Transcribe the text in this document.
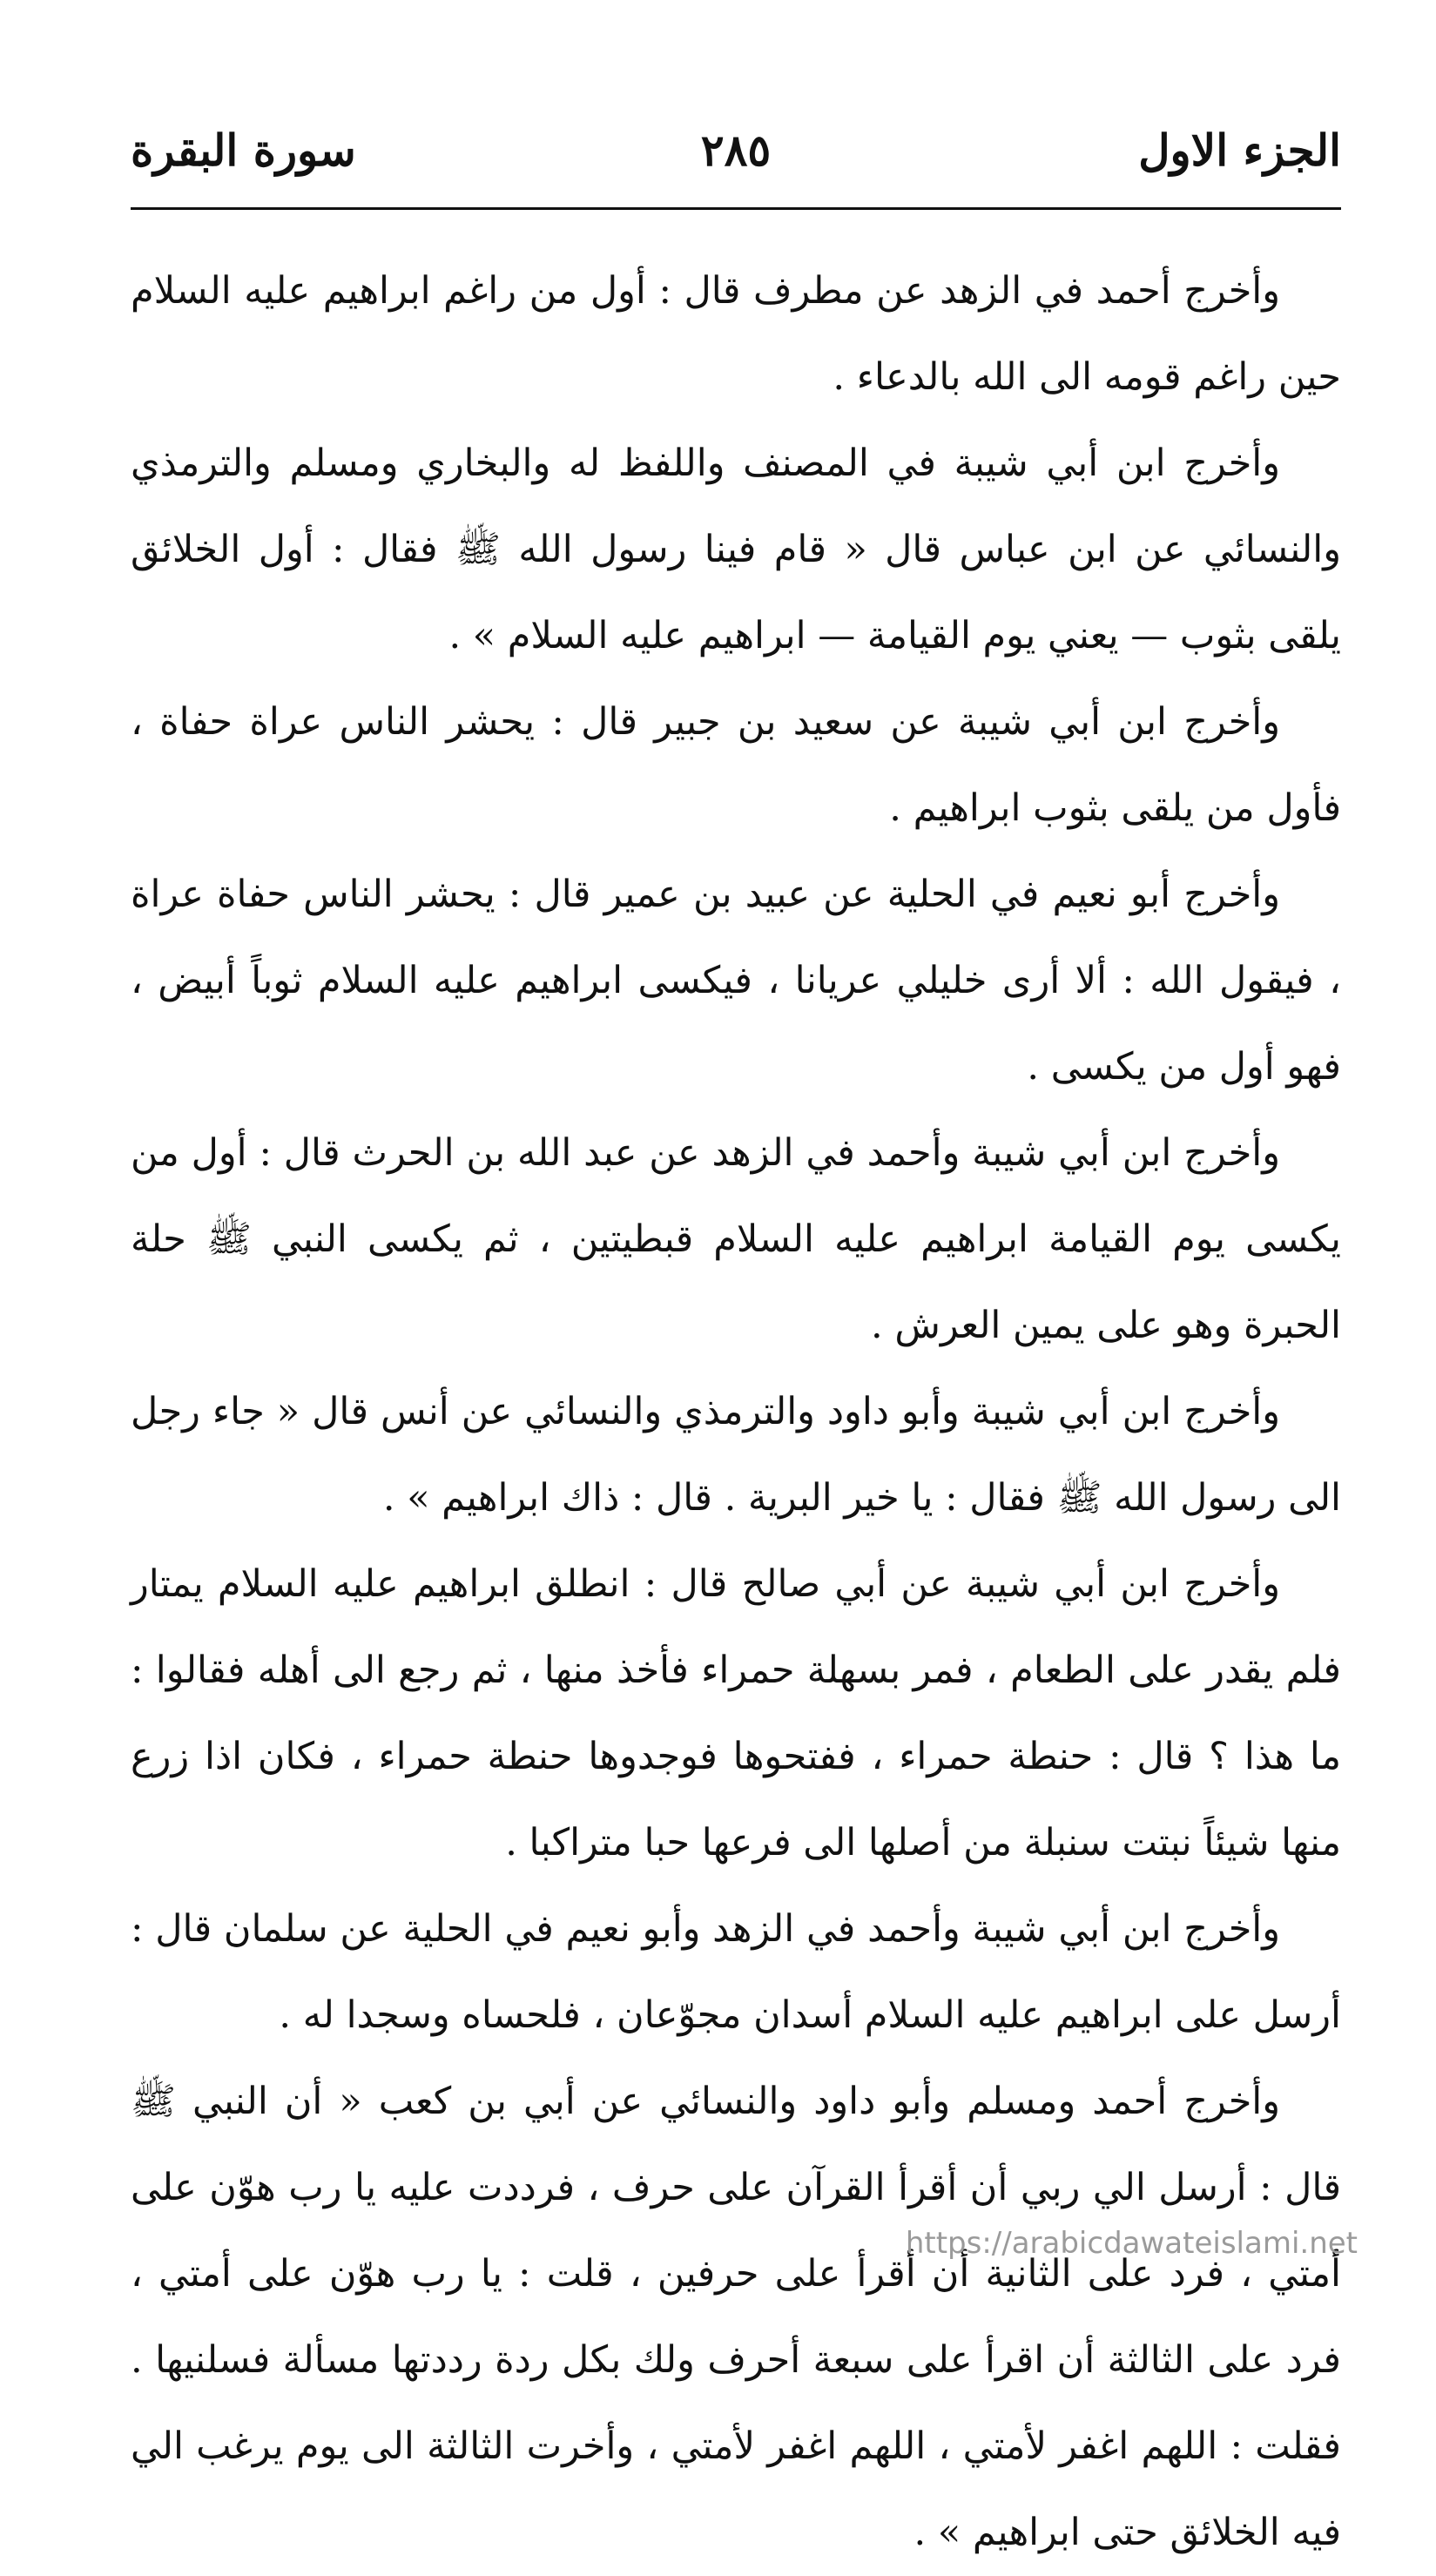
الجزء الاول
٢٨٥
سورة البقرة

وأخرج أحمد في الزهد عن مطرف قال : أول من راغم ابراهيم عليه السلام حين راغم قومه الى الله بالدعاء .

وأخرج ابن أبي شيبة في المصنف واللفظ له والبخاري ومسلم والترمذي والنسائي عن ابن عباس قال « قام فينا رسول الله ﷺ فقال : أول الخلائق يلقى بثوب — يعني يوم القيامة — ابراهيم عليه السلام » .

وأخرج ابن أبي شيبة عن سعيد بن جبير قال : يحشر الناس عراة حفاة ، فأول من يلقى بثوب ابراهيم .

وأخرج أبو نعيم في الحلية عن عبيد بن عمير قال : يحشر الناس حفاة عراة ، فيقول الله : ألا أرى خليلي عريانا ، فيكسى ابراهيم عليه السلام ثوباً أبيض ، فهو أول من يكسى .

وأخرج ابن أبي شيبة وأحمد في الزهد عن عبد الله بن الحرث قال : أول من يكسى يوم القيامة ابراهيم عليه السلام قبطيتين ، ثم يكسى النبي ﷺ حلة الحبرة وهو على يمين العرش .

وأخرج ابن أبي شيبة وأبو داود والترمذي والنسائي عن أنس قال « جاء رجل الى رسول الله ﷺ فقال : يا خير البرية . قال : ذاك ابراهيم » .

وأخرج ابن أبي شيبة عن أبي صالح قال : انطلق ابراهيم عليه السلام يمتار فلم يقدر على الطعام ، فمر بسهلة حمراء فأخذ منها ، ثم رجع الى أهله فقالوا : ما هذا ؟ قال : حنطة حمراء ، ففتحوها فوجدوها حنطة حمراء ، فكان اذا زرع منها شيئاً نبتت سنبلة من أصلها الى فرعها حبا متراكبا .

وأخرج ابن أبي شيبة وأحمد في الزهد وأبو نعيم في الحلية عن سلمان قال : أرسل على ابراهيم عليه السلام أسدان مجوّعان ، فلحساه وسجدا له .

وأخرج أحمد ومسلم وأبو داود والنسائي عن أبي بن كعب « أن النبي ﷺ قال : أرسل الي ربي أن أقرأ القرآن على حرف ، فرددت عليه يا رب هوّن على أمتي ، فرد على الثانية أن أقرأ على حرفين ، قلت : يا رب هوّن على أمتي ، فرد على الثالثة أن اقرأ على سبعة أحرف ولك بكل ردة رددتها مسألة فسلنيها . فقلت : اللهم اغفر لأمتي ، اللهم اغفر لأمتي ، وأخرت الثالثة الى يوم يرغب الي فيه الخلائق حتى ابراهيم » .

https://arabicdawateislami.net
